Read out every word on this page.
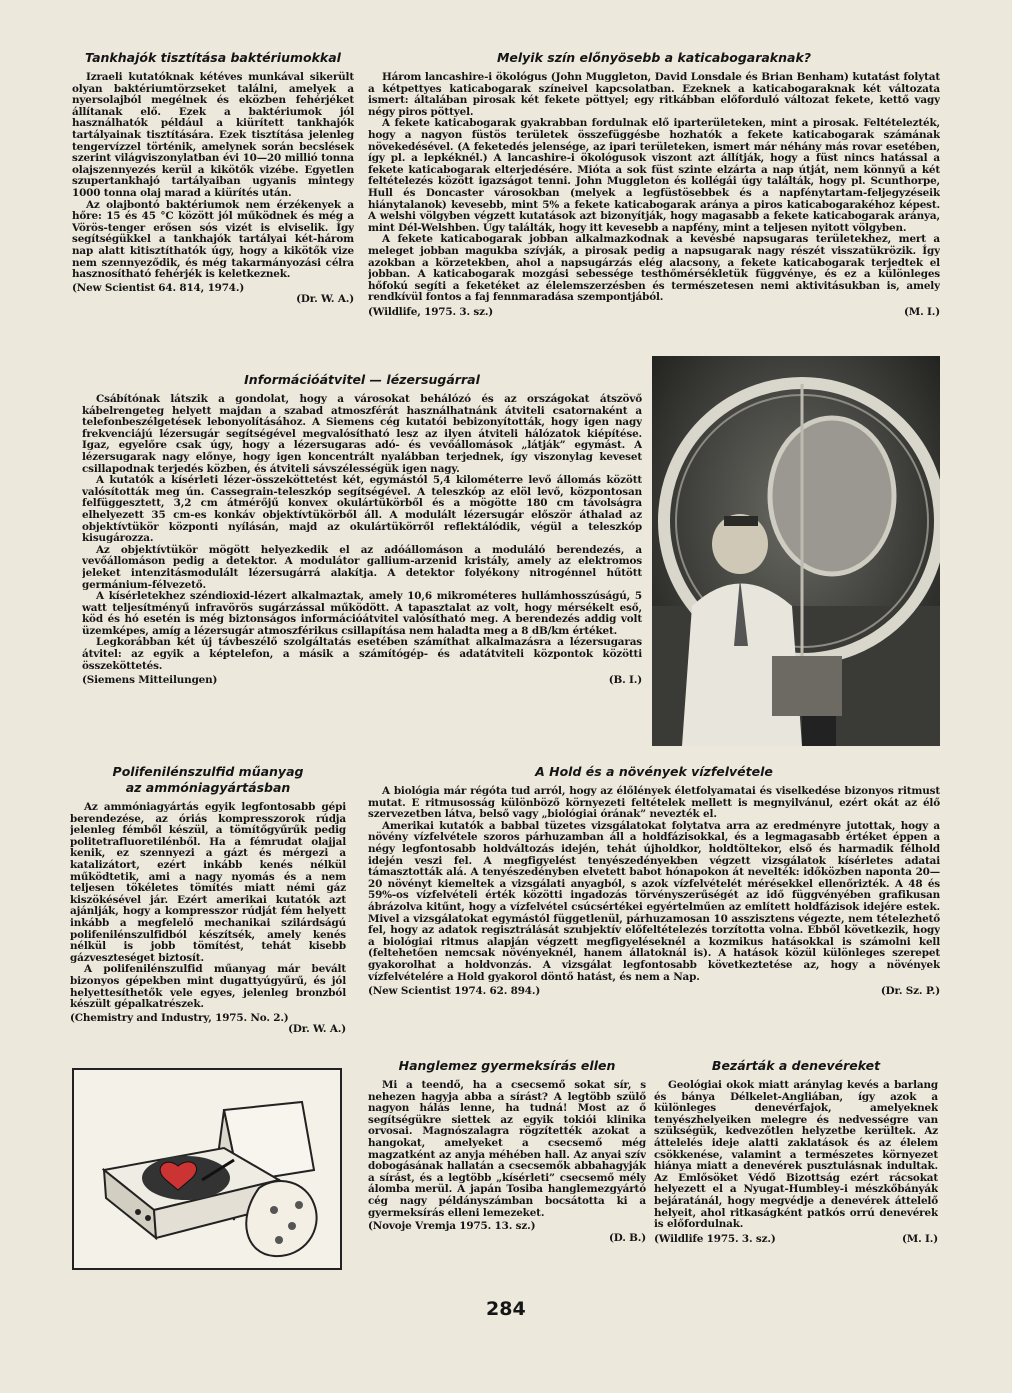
Tankhajók tisztítása baktériumokkal

Izraeli kutatóknak kétéves munkával sikerült olyan baktériumtörzseket találni, amelyek a nyersolajból megélnek és eközben fehérjéket állítanak elő. Ezek a baktériumok jól használhatók például a kiürített tankhajók tartályainak tisztítására. Ezek tisztítása jelenleg tengervízzel történik, amelynek során becslések szerint világviszonylatban évi 10—20 millió tonna olajszennyezés kerül a kikötők vizébe. Egyetlen szupertankhajó tartályaiban ugyanis mintegy 1000 tonna olaj marad a kiürítés után.

Az olajbontó baktériumok nem érzékenyek a hőre: 15 és 45 °C között jól működnek és még a Vörös-tenger erősen sós vizét is elviselik. Így segítségükkel a tankhajók tartályai két-három nap alatt kitisztíthatók úgy, hogy a kikötők vize nem szennyeződik, és még takarmányozási célra hasznosítható fehérjék is keletkeznek.

(New Scientist 64. 814, 1974.)
(Dr. W. A.)
Melyik szín előnyösebb a katicabogaraknak?

Három lancashire-i ökológus (John Muggleton, David Lonsdale és Brian Benham) kutatást folytat a kétpettyes katicabogarak színeivel kapcsolatban. Ezeknek a katicabogaraknak két változata ismert: általában pirosak két fekete pöttyel; egy ritkábban előforduló változat fekete, kettő vagy négy piros pöttyel.

A fekete katicabogarak gyakrabban fordulnak elő iparterületeken, mint a pirosak. Feltételezték, hogy a nagyon füstös területek összefüggésbe hozhatók a fekete katicabogarak számának növekedésével. (A feketedés jelensége, az ipari területeken, ismert már néhány más rovar esetében, így pl. a lepkéknél.) A lancashire-i ökológusok viszont azt állítják, hogy a füst nincs hatással a fekete katicabogarak elterjedésére. Mióta a sok füst szinte elzárta a nap útját, nem könnyű a két feltételezés között igazságot tenni. John Muggleton és kollégái úgy találták, hogy pl. Scunthorpe, Hull és Doncaster városokban (melyek a legfüstösebbek és a napfénytartam-feljegyzéseik hiánytalanok) kevesebb, mint 5% a fekete katicabogarak aránya a piros katicabogarakéhoz képest. A welshi völgyben végzett kutatások azt bizonyítják, hogy magasabb a fekete katicabogarak aránya, mint Dél-Welshben. Úgy találták, hogy itt kevesebb a napfény, mint a teljesen nyitott völgyben.

A fekete katicabogarak jobban alkalmazkodnak a kevésbé napsugaras területekhez, mert a meleget jobban magukba szívják, a pirosak pedig a napsugarak nagy részét visszatükrözik. Így azokban a körzetekben, ahol a napsugárzás elég alacsony, a fekete katicabogarak terjedtek el jobban. A katicabogarak mozgási sebessége testhőmérsékletük függvénye, és ez a különleges hőfokú segíti a feketéket az élelemszerzésben és természetesen nemi aktivitásukban is, amely rendkívül fontos a faj fennmaradása szempontjából.

(Wildlife, 1975. 3. sz.)	(M. I.)
Információátvitel — lézersugárral

Csábítónak látszik a gondolat, hogy a városokat behálózó és az országokat átszövő kábelrengeteg helyett majdan a szabad atmoszférát használhatnánk átviteli csatornaként a telefonbeszélgetések lebonyolításához. A Siemens cég kutatói bebizonyították, hogy igen nagy frekvenciájú lézersugár segítségével megvalósítható lesz az ilyen átviteli hálózatok kiépítése. Igaz, egyelőre csak úgy, hogy a lézersugaras adó- és vevőállomások „látják” egymást. A lézersugarak nagy előnye, hogy igen koncentrált nyalábban terjednek, így viszonylag keveset csillapodnak terjedés közben, és átviteli sávszélességük igen nagy.

A kutatók a kísérleti lézer-összeköttetést két, egymástól 5,4 kilométerre levő állomás között valósították meg ún. Cassegrain-teleszkóp segítségével. A teleszkóp az elöl levő, központosan felfüggesztett, 3,2 cm átmérőjű konvex okulártükörből és a mögötte 180 cm távolságra elhelyezett 35 cm-es konkáv objektívtükörből áll. A modulált lézersugár először áthalad az objektívtükör központi nyílásán, majd az okulártükörről reflektálódik, végül a teleszkóp kisugározza.

Az objektívtükör mögött helyezkedik el az adóállomáson a moduláló berendezés, a vevőállomáson pedig a detektor. A modulátor gallium-arzenid kristály, amely az elektromos jeleket intenzitásmodulált lézersugárrá alakítja. A detektor folyékony nitrogénnel hűtött germánium-félvezető.

A kísérletekhez széndioxid-lézert alkalmaztak, amely 10,6 mikrométeres hullámhosszúságú, 5 watt teljesítményű infravörös sugárzással működött. A tapasztalat az volt, hogy mérsékelt eső, köd és hó esetén is még biztonságos információátvitel valósítható meg. A berendezés addig volt üzemképes, amíg a lézersugár atmoszférikus csillapítása nem haladta meg a 8 dB/km értéket.

Legkorábban két új távbeszélő szolgáltatás esetében számíthat alkalmazásra a lézersugaras átvitel: az egyik a képtelefon, a másik a számítógép- és adatátviteli központok közötti összeköttetés.

(Siemens Mitteilungen)	(B. I.)
Polifenilénszulfid műanyag
az ammóniagyártásban

Az ammóniagyártás egyik legfontosabb gépi berendezése, az óriás kompresszorok rúdja jelenleg fémből készül, a tömítőgyűrűk pedig politetrafluoretilénből. Ha a fémrudat olajjal kenik, ez szennyezi a gázt és mérgezi a katalizátort, ezért inkább kenés nélkül működtetik, ami a nagy nyomás és a nem teljesen tökéletes tömítés miatt némi gáz kiszökésével jár. Ezért amerikai kutatók azt ajánlják, hogy a kompresszor rúdját fém helyett inkább a megfelelő mechanikai szilárdságú polifenilénszulfidból készítsék, amely kenés nélkül is jobb tömítést, tehát kisebb gázveszteséget biztosít.

A polifenilénszulfid műanyag már bevált bizonyos gépekben mint dugattyúgyűrű, és jól helyettesíthetők vele egyes, jelenleg bronzból készült gépalkatrészek.

(Chemistry and Industry, 1975. No. 2.)
(Dr. W. A.)
A Hold és a növények vízfelvétele

A biológia már régóta tud arról, hogy az élőlények életfolyamatai és viselkedése bizonyos ritmust mutat. E ritmusosság különböző környezeti feltételek mellett is megnyilvánul, ezért okát az élő szervezetben látva, belső vagy „biológiai órának” nevezték el.

Amerikai kutatók a babbal tüzetes vizsgálatokat folytatva arra az eredményre jutottak, hogy a növény vízfelvétele szoros párhuzamban áll a holdfázisokkal, és a legmagasabb értéket éppen a négy legfontosabb holdváltozás idején, tehát újholdkor, holdtöltekor, első és harmadik félhold idején veszi fel. A megfigyelést tenyészedényekben végzett vizsgálatok kísérletes adatai támasztották alá. A tenyészedényben elvetett babot hónapokon át nevelték: időközben naponta 20—20 növényt kiemeltek a vizsgálati anyagból, s azok vízfelvételét mérésekkel ellenőrizték. A 48 és 59%-os vízfelvételi érték közötti ingadozás törvényszerűségét az idő függvényében grafikusan ábrázolva kitűnt, hogy a vízfelvétel csúcsértékei egyértelműen az említett holdfázisok idejére estek. Mivel a vizsgálatokat egymástól függetlenül, párhuzamosan 10 asszisztens végezte, nem tételezhető fel, hogy az adatok regisztrálását szubjektív előfeltételezés torzította volna. Ebből következik, hogy a biológiai ritmus alapján végzett megfigyeléseknél a kozmikus hatásokkal is számolni kell (feltehetően nemcsak növényeknél, hanem állatoknál is). A hatások közül különleges szerepet gyakorolhat a holdvonzás. A vizsgálat legfontosabb következtetése az, hogy a növények vízfelvételére a Hold gyakorol döntő hatást, és nem a Nap.

(New Scientist 1974. 62. 894.)	(Dr. Sz. P.)
Hanglemez gyermeksírás ellen

Mi a teendő, ha a csecsemő sokat sír, s nehezen hagyja abba a sírást? A legtöbb szülő nagyon hálás lenne, ha tudná! Most az ő segítségükre siettek az egyik tokiói klinika orvosai. Magnószalagra rögzítették azokat a hangokat, amelyeket a csecsemő még magzatként az anyja méhében hall. Az anyai szív dobogásának hallatán a csecsemők abbahagyják a sírást, és a legtöbb „kísérleti” csecsemő mély álomba merül. A japán Tosiba hanglemezgyártó cég nagy példányszámban bocsátotta ki a gyermeksírás elleni lemezeket.

(Novoje Vremja 1975. 13. sz.)
(D. B.)
Bezárták a denevéreket

Geológiai okok miatt aránylag kevés a barlang és bánya Délkelet-Angliában, így azok a különleges denevérfajok, amelyeknek tenyészhelyeiken melegre és nedvességre van szükségük, kedvezőtlen helyzetbe kerültek. Az áttelelés ideje alatti zaklatások és az élelem csökkenése, valamint a természetes környezet hiánya miatt a denevérek pusztulásnak indultak. Az Emlősöket Védő Bizottság ezért rácsokat helyezett el a Nyugat-Humbley-i mészkőbányák bejáratánál, hogy megvédje a denevérek áttelelő helyeit, ahol ritkaságként patkós orrú denevérek is előfordulnak.

(Wildlife 1975. 3. sz.)	(M. I.)
284
